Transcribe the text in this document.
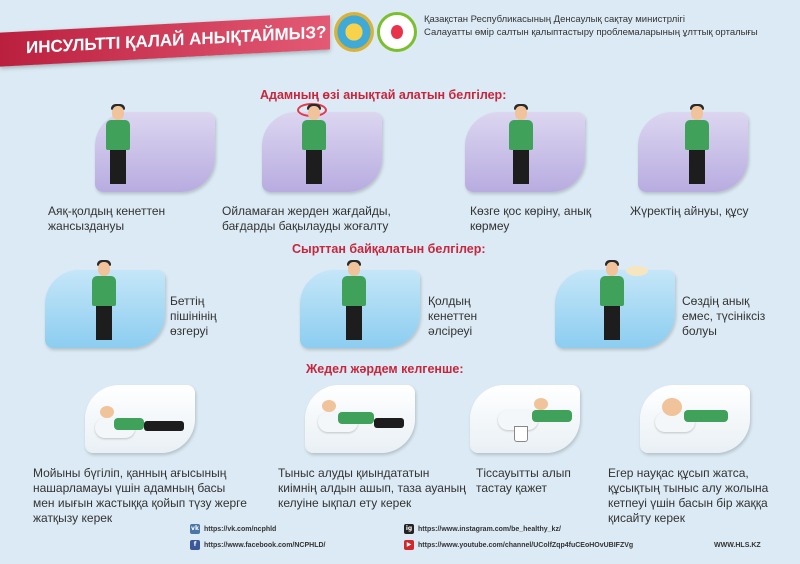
ИНСУЛЬТТІ ҚАЛАЙ АНЫҚТАЙМЫЗ?
Қазақстан Республикасының Денсаулық сақтау министрлігі
Салауатты өмір салтын қалыптастыру проблемаларының ұлттық орталығы
Адамның өзі анықтай алатын белгілер:
Аяқ-қолдың кенеттен жансыздануы
Ойламаған жерден жағдайды, бағдарды бақылауды жоғалту
Көзге қос көріну, анық көрмеу
Жүректің айнуы, құсу
Сырттан байқалатын белгілер:
Беттің пішінінің өзгеруі
Қолдың кенеттен әлсіреуі
Сөздің анық емес, түсініксіз болуы
Жедел жәрдем келгенше:
Мойыны бүгіліп, қанның ағысының нашарламауы үшін адамның басы мен иығын жастыққа қойып түзу жерге жатқызу керек
Тыныс алуды қиындататын киімнің алдын ашып, таза ауаның келуіне ықпал ету керек
Тіссауытты алып тастау қажет
Егер науқас құсып жатса, құсықтың тыныс алу жолына кетпеуі үшін басын бір жаққа қисайту керек
vk https://vk.com/ncphld
f	https://www.facebook.com/NCPHLD/
ig https://www.instagram.com/be_healthy_kz/
▶ https://www.youtube.com/channel/UColfZqp4fuCEoHOvUBIFZVg	WWW.HLS.KZ
